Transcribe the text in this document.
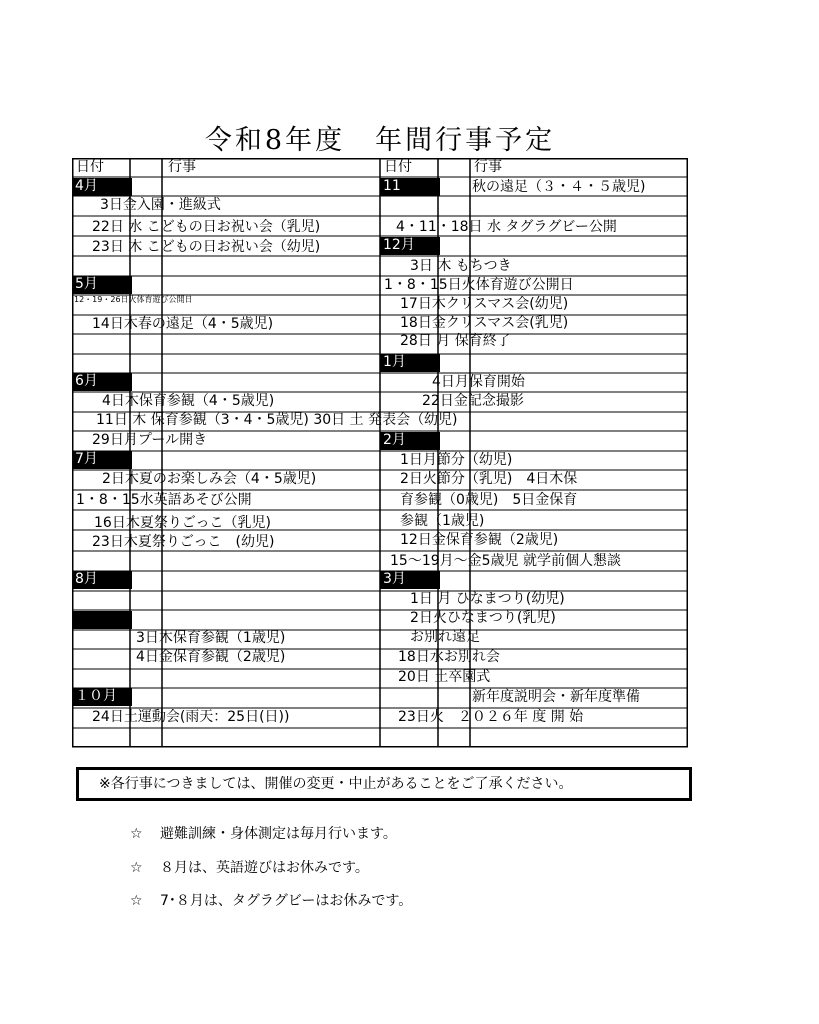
令和8年度　年間行事予定
日付	行事	日付	行事
4月
3日金入園・進級式
22日 水 こどもの日お祝い会（乳児)
23日 木 こどもの日お祝い会（幼児)
5月
12・19・26日火体育遊び公開日
14日木春の遠足（4・5歳児)
6月
4日木保育参観（4・5歳児)
11日 木 保育参観（3・4・5歳児) 30日 土 発表会（幼児)
29日月プール開き
7月
2日木夏のお楽しみ会（4・5歳児)
1・8・15水英語あそび公開
16日木夏祭りごっこ（乳児)
23日木夏祭りごっこ　(幼児)
8月
3日木保育参観（1歳児)
4日金保育参観（2歳児)
１０月
24日土運動会(雨天：25日(日))
11	秋の遠足（３・４・５歳児)
4・11・18日 水 タグラグビー公開
12月
3日 木 もちつき
1・8・15日火体育遊び公開日
17日木クリスマス会(幼児)
18日金クリスマス会(乳児)
28日 月 保育終了
1月
4日月保育開始
22日金記念撮影
2月
1日月節分（幼児)
2日火節分（乳児)　4日木保
育参観（0歳児)　5日金保育
参観（1歳児)
12日金保育参観（2歳児)
15～19月～金5歳児 就学前個人懇談
3月
1日 月 ひなまつり(幼児)
2日火ひなまつり(乳児)
お別れ遠足
18日水お別れ会
20日 土卒園式
新年度説明会・新年度準備
23日火　２０２６年 度 開 始
※各行事につきましては、開催の変更・中止があることをご了承ください。
☆ 避難訓練・身体測定は毎月行います。
☆ ８月は、英語遊びはお休みです。
☆ 7･８月は、タグラグビーはお休みです。
